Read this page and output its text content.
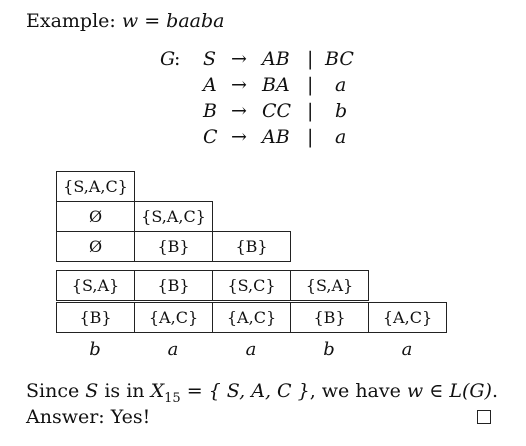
Example: w = baaba
G
: S → AB | BC
A → BA | a
B → CC | b
C → AB | a
{S,A,C}
Ø	{S,A,C}
Ø	{B}	{B}
{S,A}	{B}	{S,C}	{S,A}
{B}	{A,C}	{A,C}	{B}	{A,C}
b	a	a	b	a
Since S is in $X_{15}$ = { S, A, C }, we have w ∈ L(G).
Answer: Yes!
